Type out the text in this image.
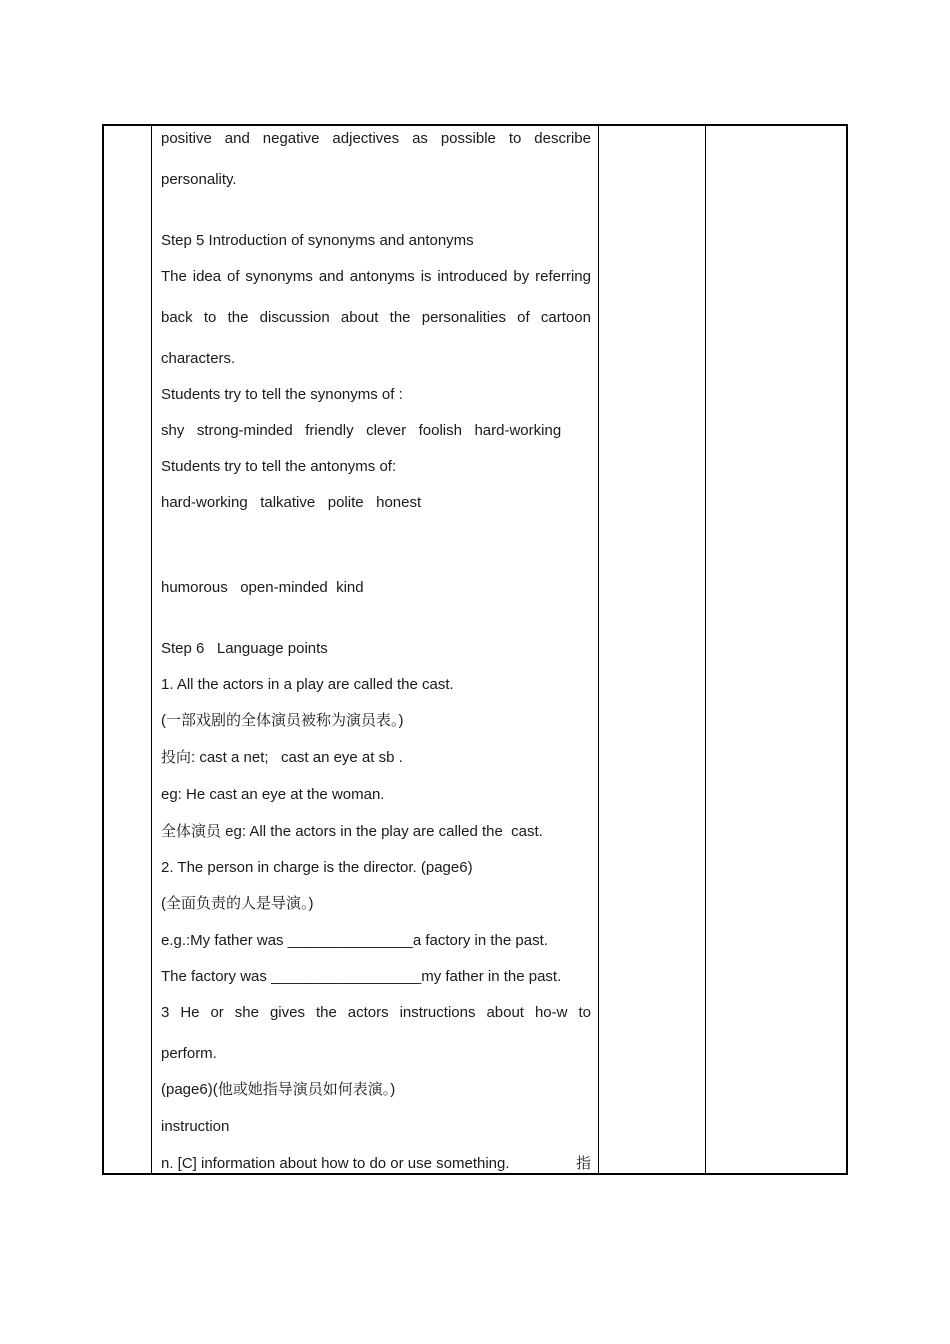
positive and negative adjectives as possible to describe
personality.
Step 5 Introduction of synonyms and antonyms
The idea of synonyms and antonyms is introduced by referring
back to the discussion about the personalities of cartoon
characters.
Students try to tell the synonyms of :
shy   strong-minded   friendly   clever   foolish   hard-working
Students try to tell the antonyms of:
hard-working   talkative   polite   honest
humorous   open-minded  kind
Step 6   Language points
1. All the actors in a play are called the cast.
(一部戏剧的全体演员被称为演员表。)
投向: cast a net;   cast an eye at sb .
eg: He cast an eye at the woman.
全体演员 eg: All the actors in the play are called the  cast.
2. The person in charge is the director. (page6)
(全面负责的人是导演。)
e.g.:My father was _______________a factory in the past.
The factory was __________________my father in the past.
3 He or she gives the actors instructions about ho-w to
perform.
(page6)(他或她指导演员如何表演。)
instruction
n. [C] information about how to do or use something.	指
